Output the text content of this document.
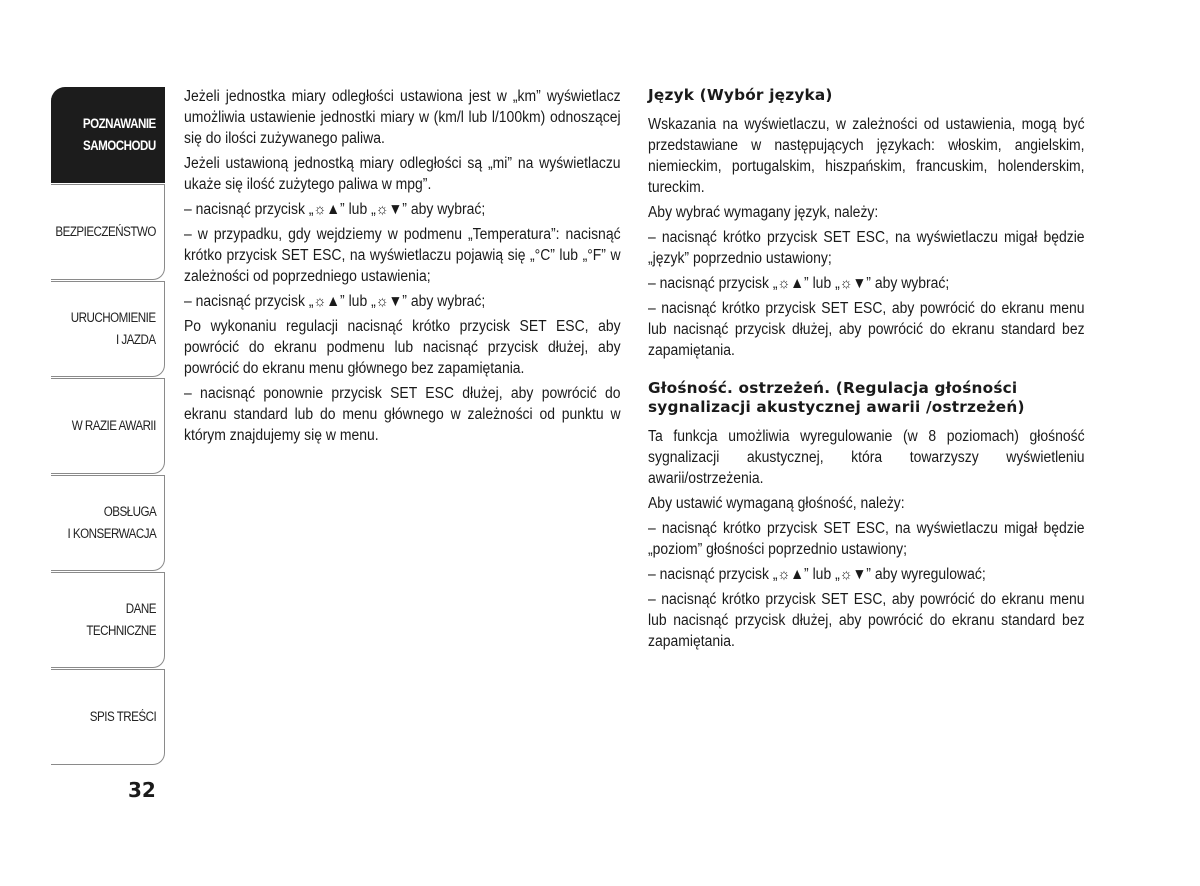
POZNAWANIE
SAMOCHODU
BEZPIECZEŃSTWO
URUCHOMIENIE
I JAZDA
W RAZIE AWARII
OBSŁUGA
I KONSERWACJA
DANE
TECHNICZNE
SPIS TREŚCI
32

Jeżeli jednostka miary odległości ustawiona jest w „km” wyświetlacz umożliwia ustawienie jednostki miary w (km/l lub l/100km) odnoszącej się do ilości zużywanego paliwa.

Jeżeli ustawioną jednostką miary odległości są „mi” na wyświetlaczu ukaże się ilość zużytego paliwa w mpg”.

– nacisnąć przycisk „☼▲” lub „☼▼” aby wybrać;

– w przypadku, gdy wejdziemy w podmenu „Temperatura”: nacisnąć krótko przycisk SET ESC, na wyświetlaczu pojawią się „°C” lub „°F” w zależności od poprzedniego ustawienia;

– nacisnąć przycisk „☼▲” lub „☼▼” aby wybrać;

Po wykonaniu regulacji nacisnąć krótko przycisk SET ESC, aby powrócić do ekranu podmenu lub nacisnąć przycisk dłużej, aby powrócić do ekranu menu głównego bez zapamiętania.

– nacisnąć ponownie przycisk SET ESC dłużej, aby powrócić do ekranu standard lub do menu głównego w zależności od punktu w którym znajdujemy się w menu.

Język (Wybór języka)

Wskazania na wyświetlaczu, w zależności od ustawienia, mogą być przedstawiane w następujących językach: włoskim, angielskim, niemieckim, portugalskim, hiszpańskim, francuskim, holenderskim, tureckim.

Aby wybrać wymagany język, należy:

– nacisnąć krótko przycisk SET ESC, na wyświetlaczu migał będzie „język” poprzednio ustawiony;

– nacisnąć przycisk „☼▲” lub „☼▼” aby wybrać;

– nacisnąć krótko przycisk SET ESC, aby powrócić do ekranu menu lub nacisnąć przycisk dłużej, aby powrócić do ekranu standard bez zapamiętania.

Głośność. ostrzeżeń. (Regulacja głośności sygnalizacji akustycznej awarii /ostrzeżeń)

Ta funkcja umożliwia wyregulowanie (w 8 poziomach) głośność sygnalizacji akustycznej, która towarzyszy wyświetleniu awarii/ostrzeżenia.

Aby ustawić wymaganą głośność, należy:

– nacisnąć krótko przycisk SET ESC, na wyświetlaczu migał będzie „poziom” głośności poprzednio ustawiony;

– nacisnąć przycisk „☼▲” lub „☼▼” aby wyregulować;

– nacisnąć krótko przycisk SET ESC, aby powrócić do ekranu menu lub nacisnąć przycisk dłużej, aby powrócić do ekranu standard bez zapamiętania.
